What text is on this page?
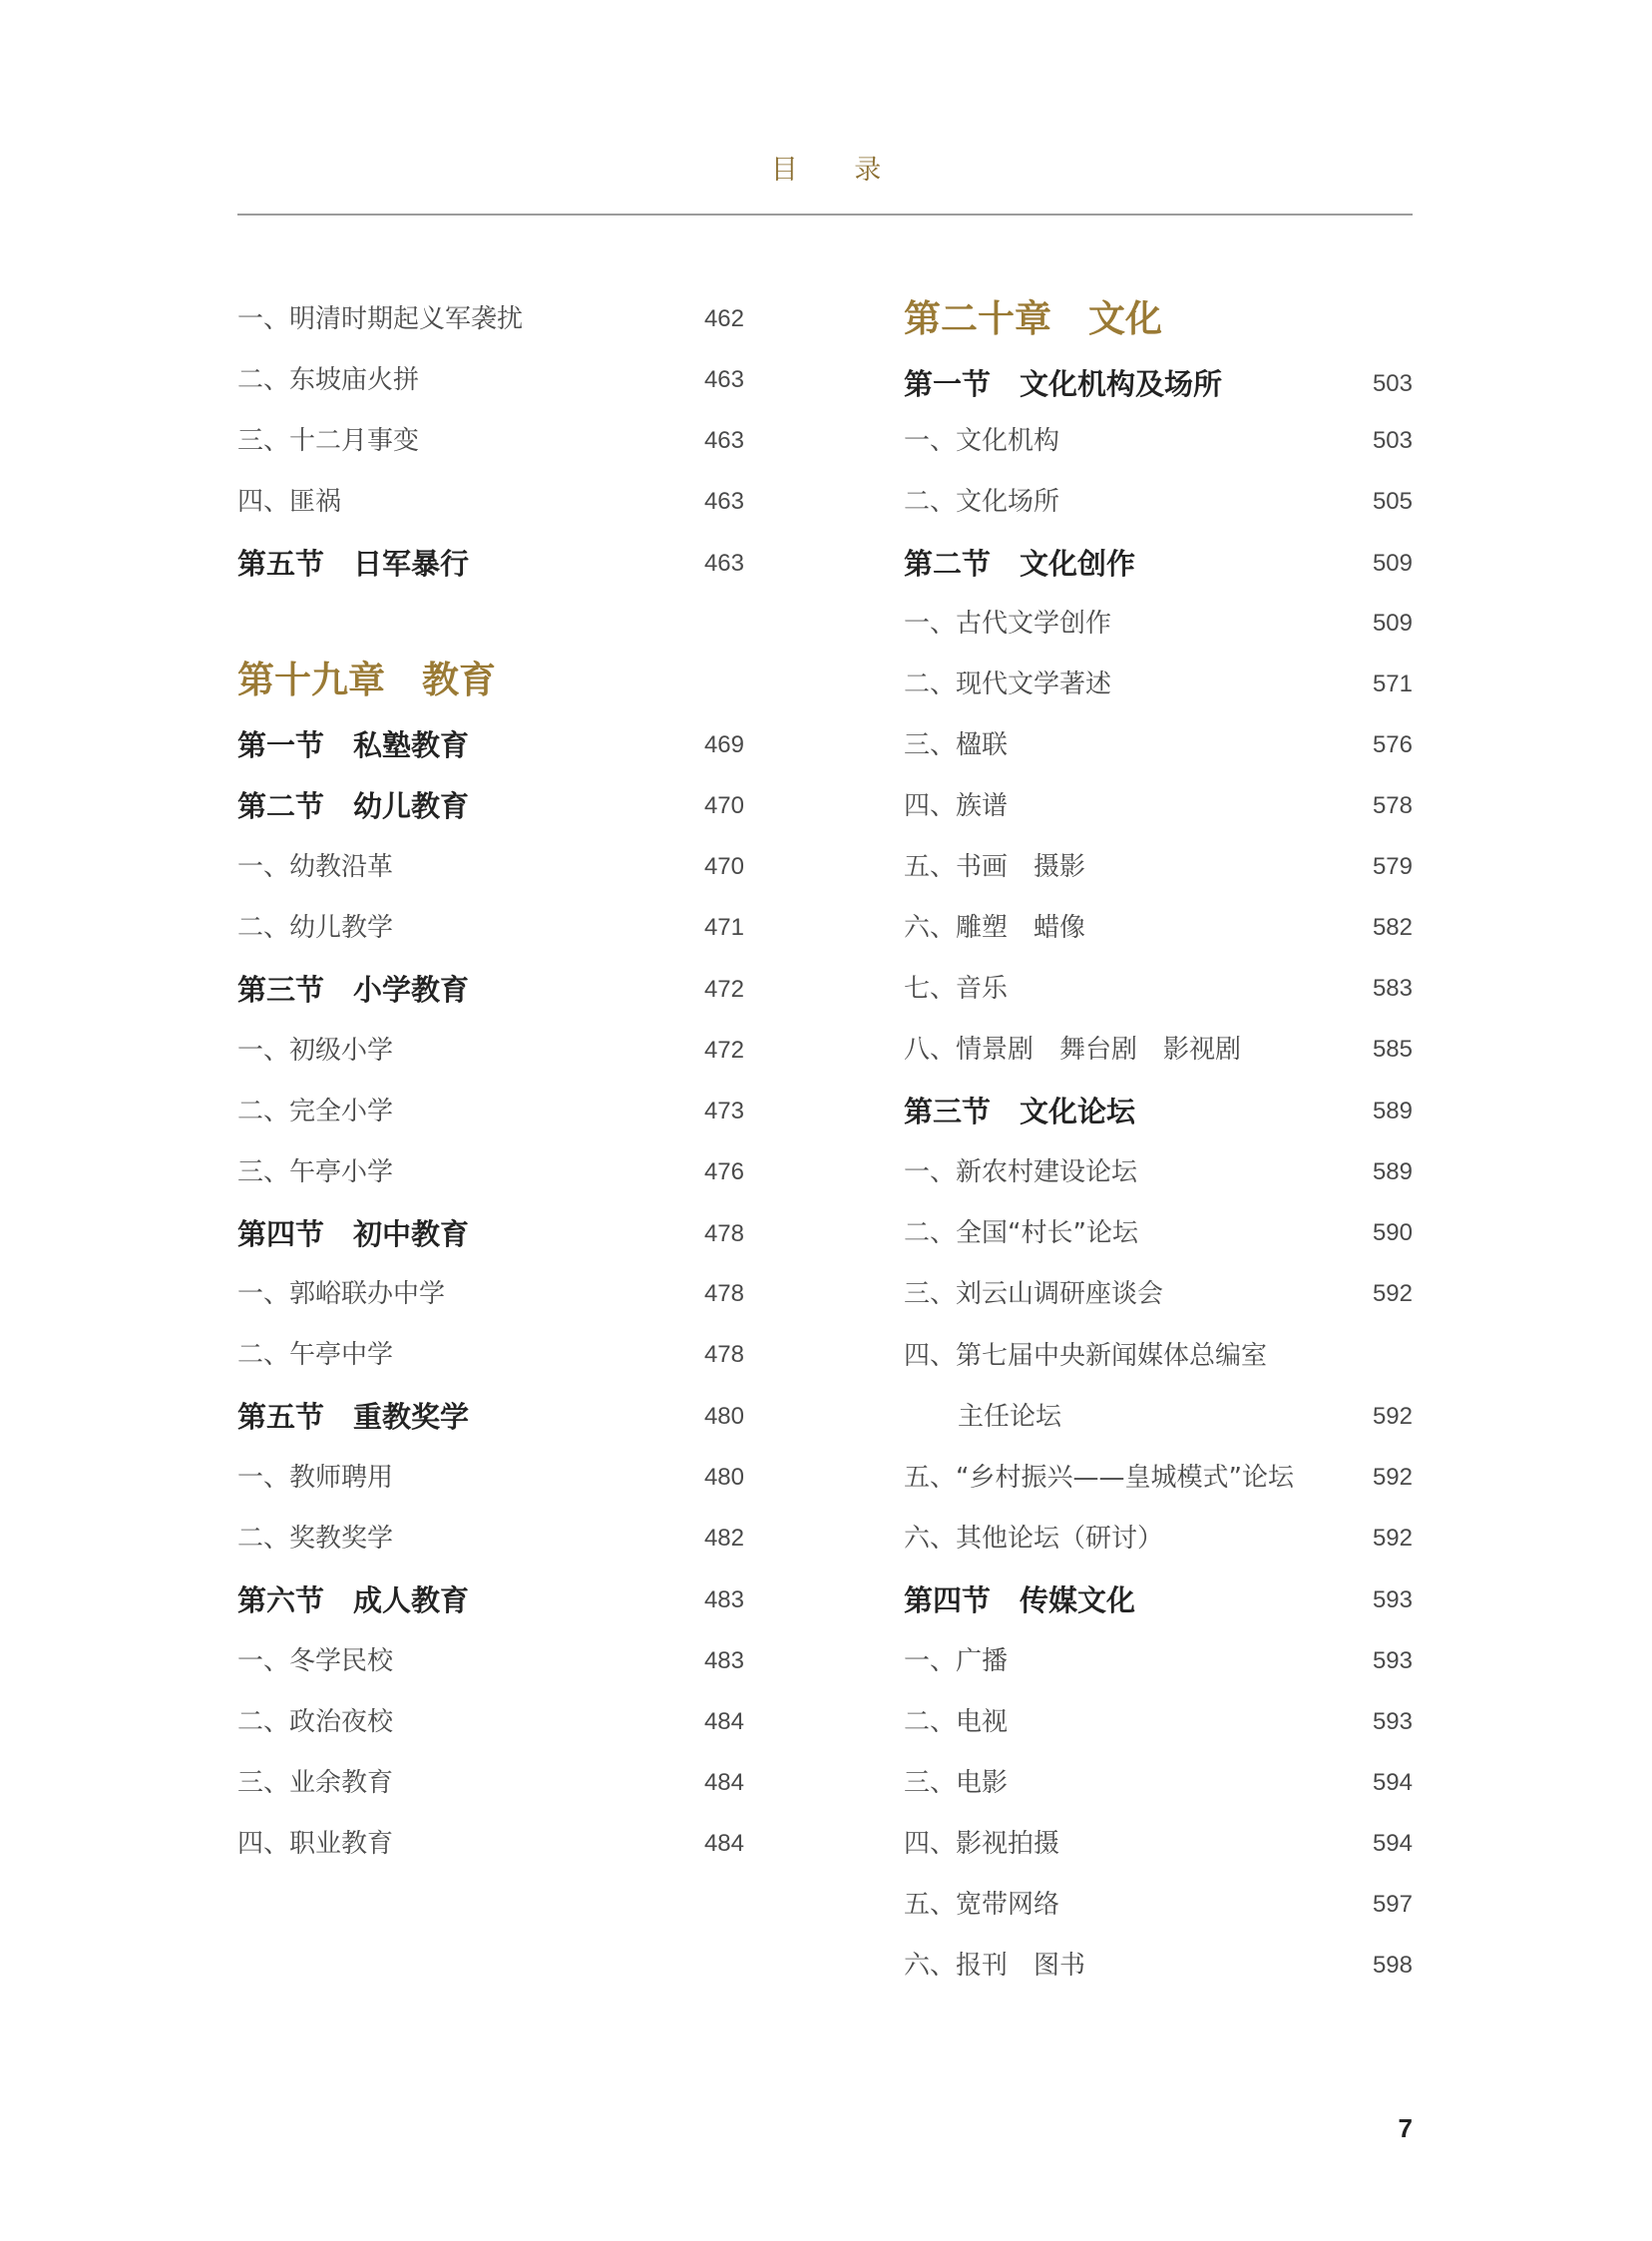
目 录
一、明清时期起义军袭扰	462
二、东坡庙火拼	463
三、十二月事变	463
四、匪祸	463
第五节　日军暴行	463
第十九章　教育
第一节　私塾教育	469
第二节　幼儿教育	470
一、幼教沿革	470
二、幼儿教学	471
第三节　小学教育	472
一、初级小学	472
二、完全小学	473
三、午亭小学	476
第四节　初中教育	478
一、郭峪联办中学	478
二、午亭中学	478
第五节　重教奖学	480
一、教师聘用	480
二、奖教奖学	482
第六节　成人教育	483
一、冬学民校	483
二、政治夜校	484
三、业余教育	484
四、职业教育	484
第二十章　文化
第一节　文化机构及场所	503
一、文化机构	503
二、文化场所	505
第二节　文化创作	509
一、古代文学创作	509
二、现代文学著述	571
三、楹联	576
四、族谱	578
五、书画　摄影	579
六、雕塑　蜡像	582
七、音乐	583
八、情景剧　舞台剧　影视剧	585
第三节　文化论坛	589
一、新农村建设论坛	589
二、全国“村长”论坛	590
三、刘云山调研座谈会	592
四、第七届中央新闻媒体总编室
主任论坛	592
五、“乡村振兴——皇城模式”论坛	592
六、其他论坛（研讨）	592
第四节　传媒文化	593
一、广播	593
二、电视	593
三、电影	594
四、影视拍摄	594
五、宽带网络	597
六、报刊　图书	598
7
